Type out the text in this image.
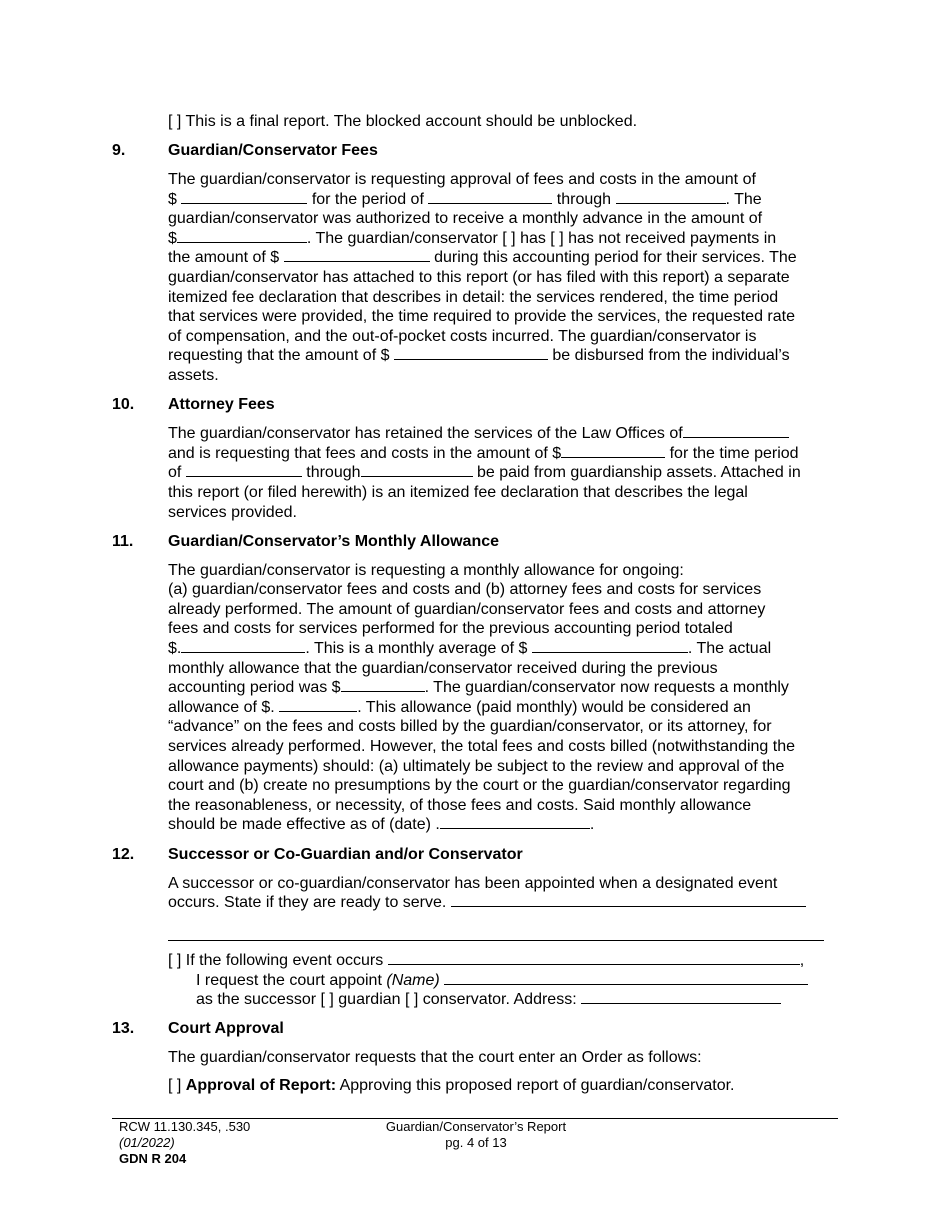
[ ] This is a final report. The blocked account should be unblocked.
9.	Guardian/Conservator Fees
The guardian/conservator is requesting approval of fees and costs in the amount of
$	for the period of	through	. The
guardian/conservator was authorized to receive a monthly advance in the amount of
$	. The guardian/conservator [ ] has [ ] has not received payments in
the amount of $	during this accounting period for their services. The
guardian/conservator has attached to this report (or has filed with this report) a separate
itemized fee declaration that describes in detail: the services rendered, the time period
that services were provided, the time required to provide the services, the requested rate
of compensation, and the out-of-pocket costs incurred. The guardian/conservator is
requesting that the amount of $	be disbursed from the individual’s
assets.
10. Attorney Fees
The guardian/conservator has retained the services of the Law Offices of
and is requesting that fees and costs in the amount of $	for the time period
of	through	be paid from guardianship assets. Attached in
this report (or filed herewith) is an itemized fee declaration that describes the legal
services provided.
11. Guardian/Conservator’s Monthly Allowance
The guardian/conservator is requesting a monthly allowance for ongoing:
(a) guardian/conservator fees and costs and (b) attorney fees and costs for services
already performed. The amount of guardian/conservator fees and costs and attorney
fees and costs for services performed for the previous accounting period totaled
$.	. This is a monthly average of $	. The actual
monthly allowance that the guardian/conservator received during the previous
accounting period was $	. The guardian/conservator now requests a monthly
allowance of $.	. This allowance (paid monthly) would be considered an
“advance” on the fees and costs billed by the guardian/conservator, or its attorney, for
services already performed. However, the total fees and costs billed (notwithstanding the
allowance payments) should: (a) ultimately be subject to the review and approval of the
court and (b) create no presumptions by the court or the guardian/conservator regarding
the reasonableness, or necessity, of those fees and costs. Said monthly allowance
should be made effective as of (date) .	.
12. Successor or Co-Guardian and/or Conservator
A successor or co-guardian/conservator has been appointed when a designated event
occurs. State if they are ready to serve.
[ ] If the following event occurs	,
I request the court appoint (Name)
as the successor [ ] guardian [ ] conservator. Address:
13. Court Approval
The guardian/conservator requests that the court enter an Order as follows:
[ ] Approval of Report: Approving this proposed report of guardian/conservator.
RCW 11.130.345, .530
(01/2022)
GDN R 204
Guardian/Conservator’s Report
pg. 4 of 13
